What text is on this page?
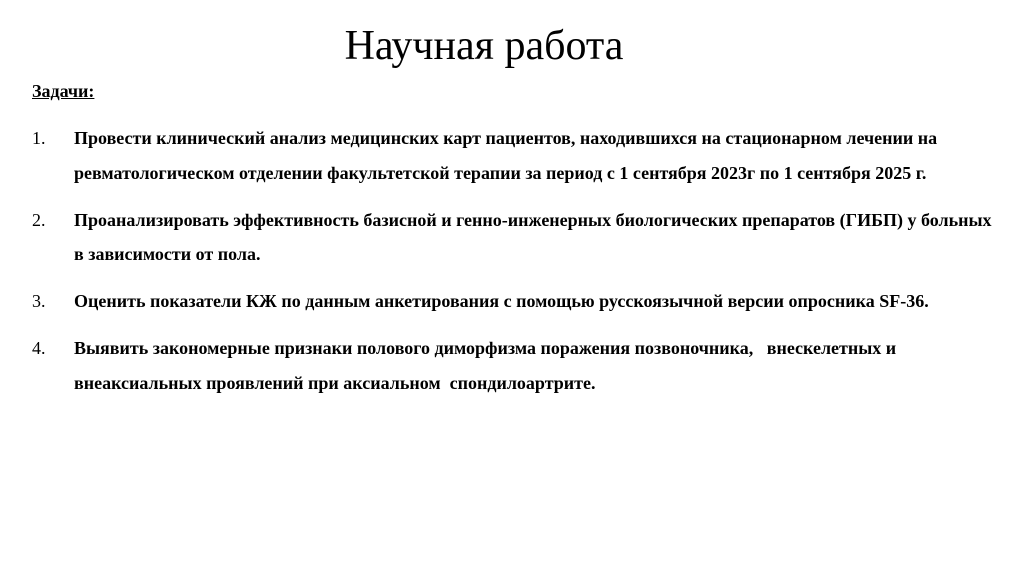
Научная работа
Задачи:
1.	Провести клинический анализ медицинских карт пациентов, находившихся на стационарном лечении на ревматологическом отделении факультетской терапии за период с 1 сентября 2023г по 1 сентября 2025 г.
2.	Проанализировать эффективность базисной и генно-инженерных биологических препаратов (ГИБП) у больных в зависимости от пола.
3.	Оценить показатели КЖ по данным анкетирования с помощью русскоязычной версии опросника SF-36.
4.	Выявить закономерные признаки полового диморфизма поражения позвоночника,   внескелетных и внеаксиальных проявлений при аксиальном  спондилоартрите.
